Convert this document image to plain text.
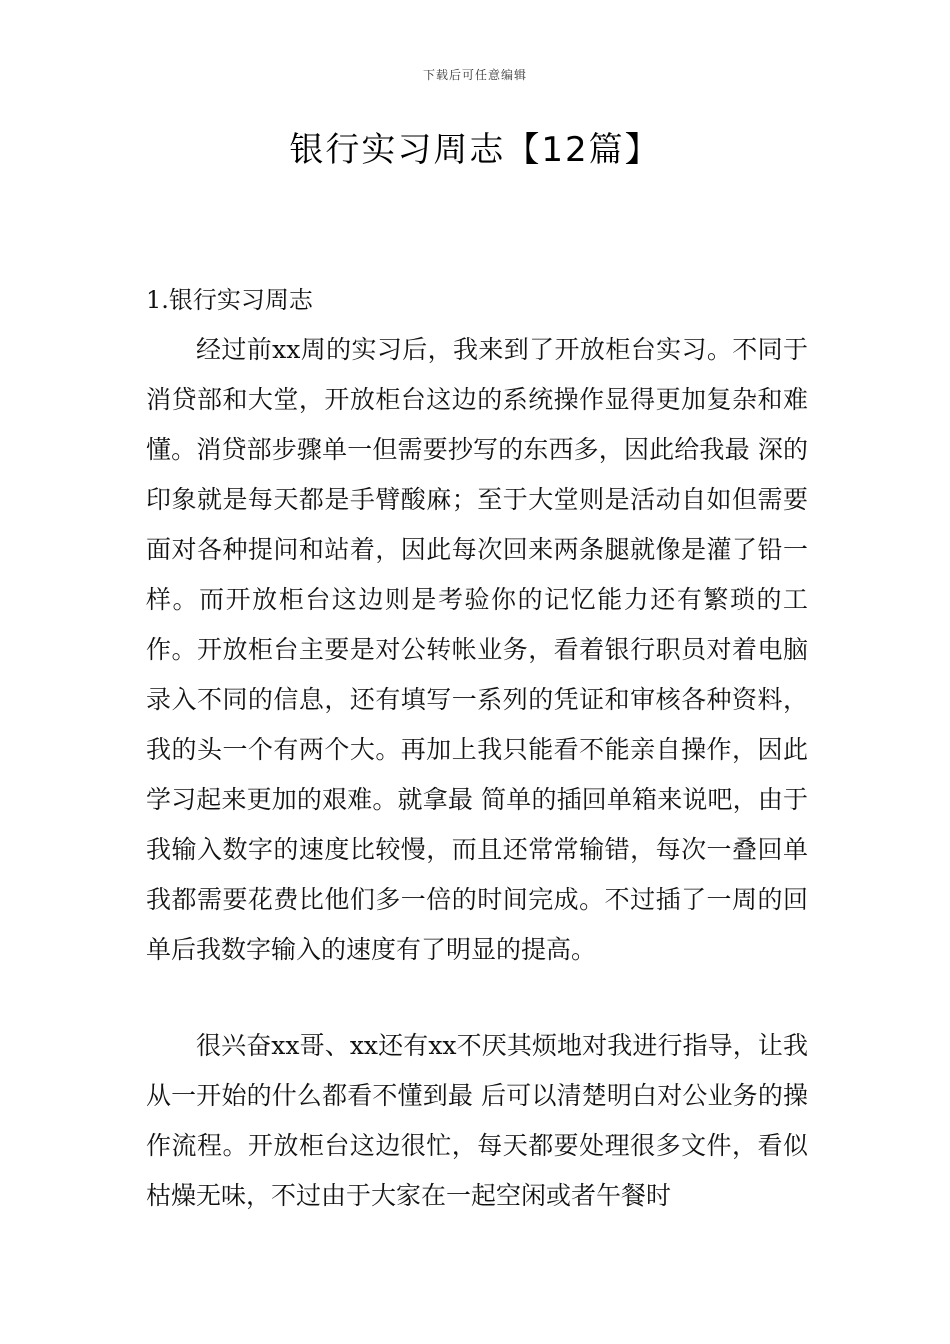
下载后可任意编辑
银行实习周志【12篇】
1.银行实习周志

经过前xx周的实习后，我来到了开放柜台实习。不同于消贷部和大堂，开放柜台这边的系统操作显得更加复杂和难懂。消贷部步骤单一但需要抄写的东西多，因此给我最 深的印象就是每天都是手臂酸麻；至于大堂则是活动自如但需要面对各种提问和站着，因此每次回来两条腿就像是灌了铅一样。而开放柜台这边则是考验你的记忆能力还有繁琐的工作。开放柜台主要是对公转帐业务，看着银行职员对着电脑录入不同的信息，还有填写一系列的凭证和审核各种资料，我的头一个有两个大。再加上我只能看不能亲自操作，因此学习起来更加的艰难。就拿最 简单的插回单箱来说吧，由于我输入数字的速度比较慢，而且还常常输错，每次一叠回单我都需要花费比他们多一倍的时间完成。不过插了一周的回单后我数字输入的速度有了明显的提高。

很兴奋xx哥、xx还有xx不厌其烦地对我进行指导，让我从一开始的什么都看不懂到最 后可以清楚明白对公业务的操作流程。开放柜台这边很忙，每天都要处理很多文件，看似枯燥无味，不过由于大家在一起空闲或者午餐时
